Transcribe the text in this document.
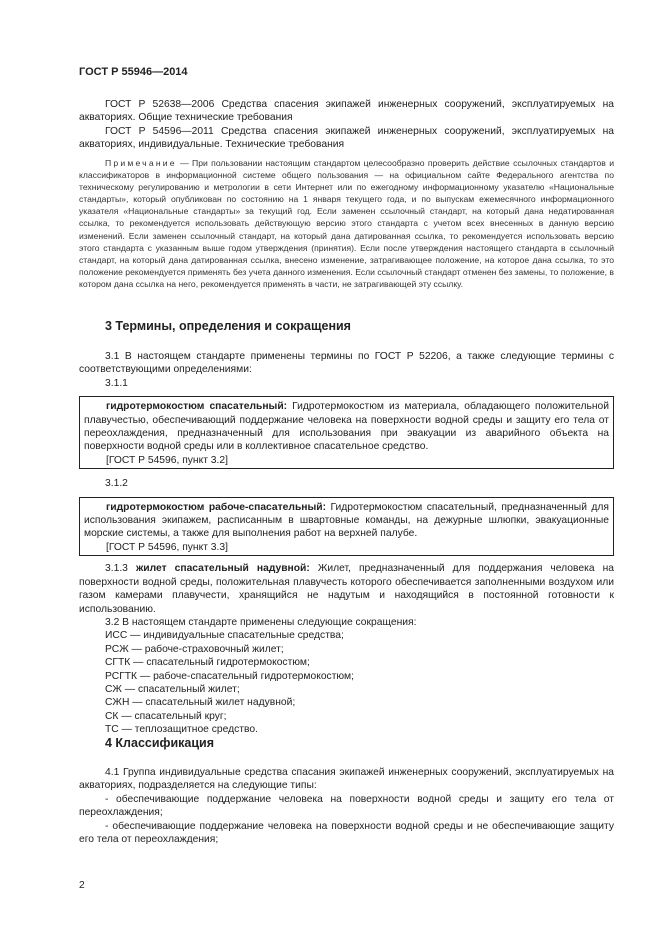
ГОСТ Р 55946—2014

ГОСТ Р 52638—2006 Средства спасения экипажей инженерных сооружений, эксплуатируемых на акваториях. Общие технические требования

ГОСТ Р 54596—2011 Средства спасения экипажей инженерных сооружений, эксплуатируемых на акваториях, индивидуальные. Технические требования

Примечание — При пользовании настоящим стандартом целесообразно проверить действие ссылочных стандартов и классификаторов в информационной системе общего пользования — на официальном сайте Федерального агентства по техническому регулированию и метрологии в сети Интернет или по ежегодному информационному указателю «Национальные стандарты», который опубликован по состоянию на 1 января текущего года, и по выпускам ежемесячного информационного указателя «Национальные стандарты» за текущий год. Если заменен ссылочный стандарт, на который дана недатированная ссылка, то рекомендуется использовать действующую версию этого стандарта с учетом всех внесенных в данную версию изменений. Если заменен ссылочный стандарт, на который дана датированная ссылка, то рекомендуется использовать версию этого стандарта с указанным выше годом утверждения (принятия). Если после утверждения настоящего стандарта в ссылочный стандарт, на который дана датированная ссылка, внесено изменение, затрагивающее положение, на которое дана ссылка, то это положение рекомендуется применять без учета данного изменения. Если ссылочный стандарт отменен без замены, то положение, в котором дана ссылка на него, рекомендуется применять в части, не затрагивающей эту ссылку.

3 Термины, определения и сокращения

3.1 В настоящем стандарте применены термины по ГОСТ Р 52206, а также следующие термины с соответствующими определениями:

3.1.1

гидротермокостюм спасательный: Гидротермокостюм из материала, обладающего положительной плавучестью, обеспечивающий поддержание человека на поверхности водной среды и защиту его тела от переохлаждения, предназначенный для использования при эвакуации из аварийного объекта на поверхности водной среды или в коллективное спасательное средство.

[ГОСТ Р 54596, пункт 3.2]

3.1.2

гидротермокостюм рабоче-спасательный: Гидротермокостюм спасательный, предназначенный для использования экипажем, расписанным в швартовные команды, на дежурные шлюпки, эвакуационные морские системы, а также для выполнения работ на верхней палубе.

[ГОСТ Р 54596, пункт 3.3]

3.1.3 жилет спасательный надувной: Жилет, предназначенный для поддержания человека на поверхности водной среды, положительная плавучесть которого обеспечивается заполненными воздухом или газом камерами плавучести, хранящийся не надутым и находящийся в постоянной готовности к использованию.

3.2 В настоящем стандарте применены следующие сокращения:

ИСС — индивидуальные спасательные средства;
РСЖ — рабоче-страховочный жилет;
СГТК — спасательный гидротермокостюм;
РСГТК — рабоче-спасательный гидротермокостюм;
СЖ — спасательный жилет;
СЖН — спасательный жилет надувной;
СК — спасательный круг;
ТС — теплозащитное средство.

4 Классификация

4.1 Группа индивидуальные средства спасания экипажей инженерных сооружений, эксплуатируемых на акваториях, подразделяется на следующие типы:

- обеспечивающие поддержание человека на поверхности водной среды и защиту его тела от переохлаждения;

- обеспечивающие поддержание человека на поверхности водной среды и не обеспечивающие защиту его тела от переохлаждения;

2
